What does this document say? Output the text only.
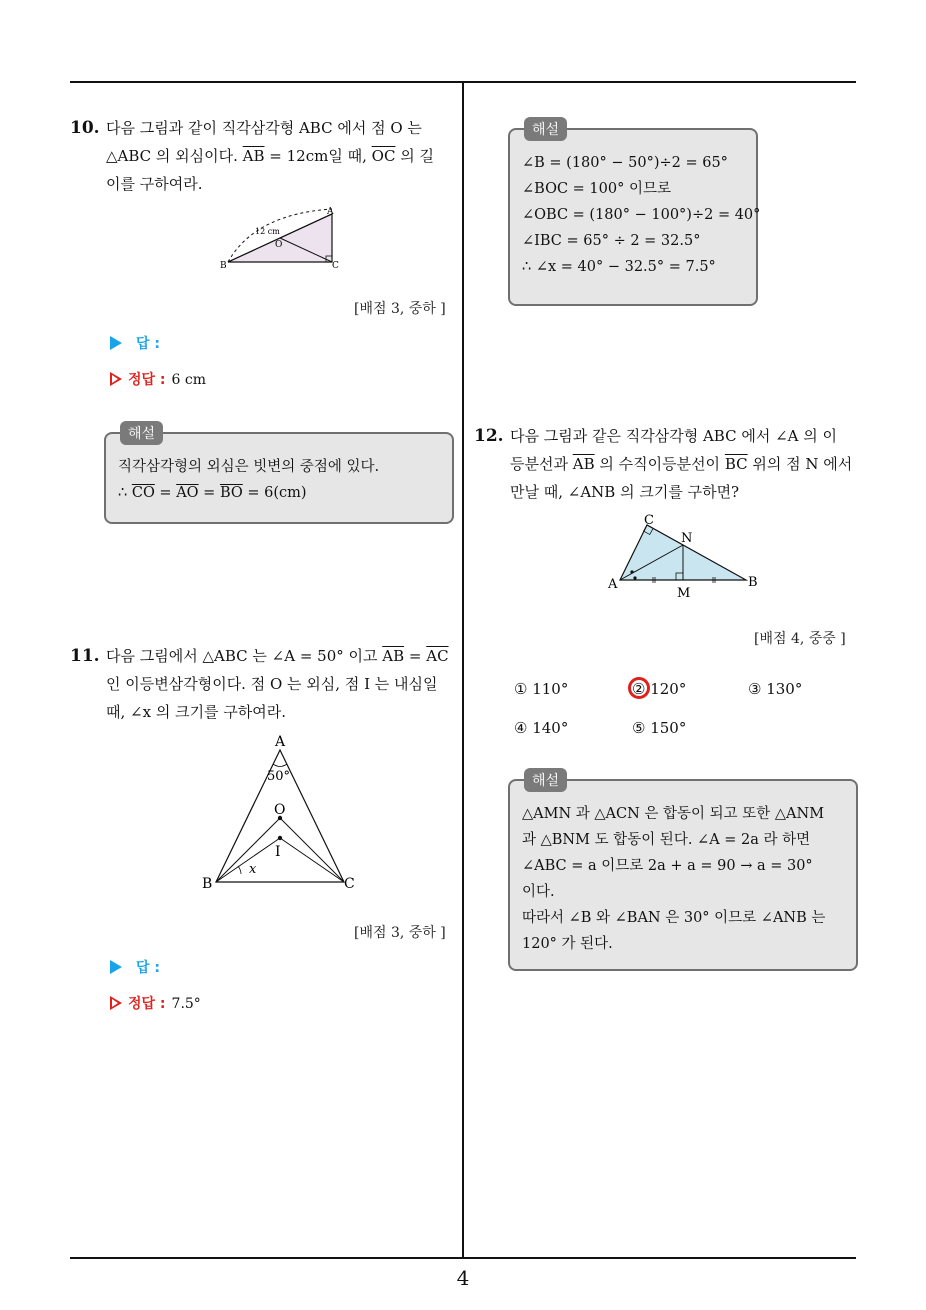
4
10. 다음 그림과 같이 직각삼각형 ABC 에서 점 O 는
△ABC 의 외심이다. $\overline{AB} = 12cm$일 때, $\overline{OC}$ 의 길
이를 구하여라.
A
B	C
O
12 cm
[배점 3, 중하 ]
답 :
정답 : 6 cm
해설
직각삼각형의 외심은 빗변의 중점에 있다.
∴ $\overline{CO} = \overline{AO} = \overline{BO} = 6(cm)$
11. 다음 그림에서 △ABC 는 ∠A = 50° 이고 $\overline{AB} = \overline{AC}$
인 이등변삼각형이다. 점 O 는 외심, 점 I 는 내심일
때, ∠x 의 크기를 구하여라.
A
B	C
O
I
50°
x
[배점 3, 중하 ]
답 :
정답 : 7.5°
해설
∠B = (180° − 50°)÷2 = 65°
∠BOC = 100° 이므로
∠OBC = (180° − 100°)÷2 = 40°
∠IBC = 65° ÷ 2 = 32.5°
∴ ∠x = 40° − 32.5° = 7.5°
12. 다음 그림과 같은 직각삼각형 ABC 에서 ∠A 의 이
등분선과 $\overline{AB}$ 의 수직이등분선이 $\overline{BC}$ 위의 점 N 에서
만날 때, ∠ANB 의 크기를 구하면?
A	B
C
N
M
[배점 4, 중중 ]
① 110°	② 120°	③ 130°
④ 140°	⑤ 150°
해설
△AMN 과 △ACN 은 합동이 되고 또한 △ANM
과 △BNM 도 합동이 된다. ∠A = 2a 라 하면
∠ABC = a 이므로 2a + a = 90 → a = 30°
이다.
따라서 ∠B 와 ∠BAN 은 30° 이므로 ∠ANB 는
120° 가 된다.
